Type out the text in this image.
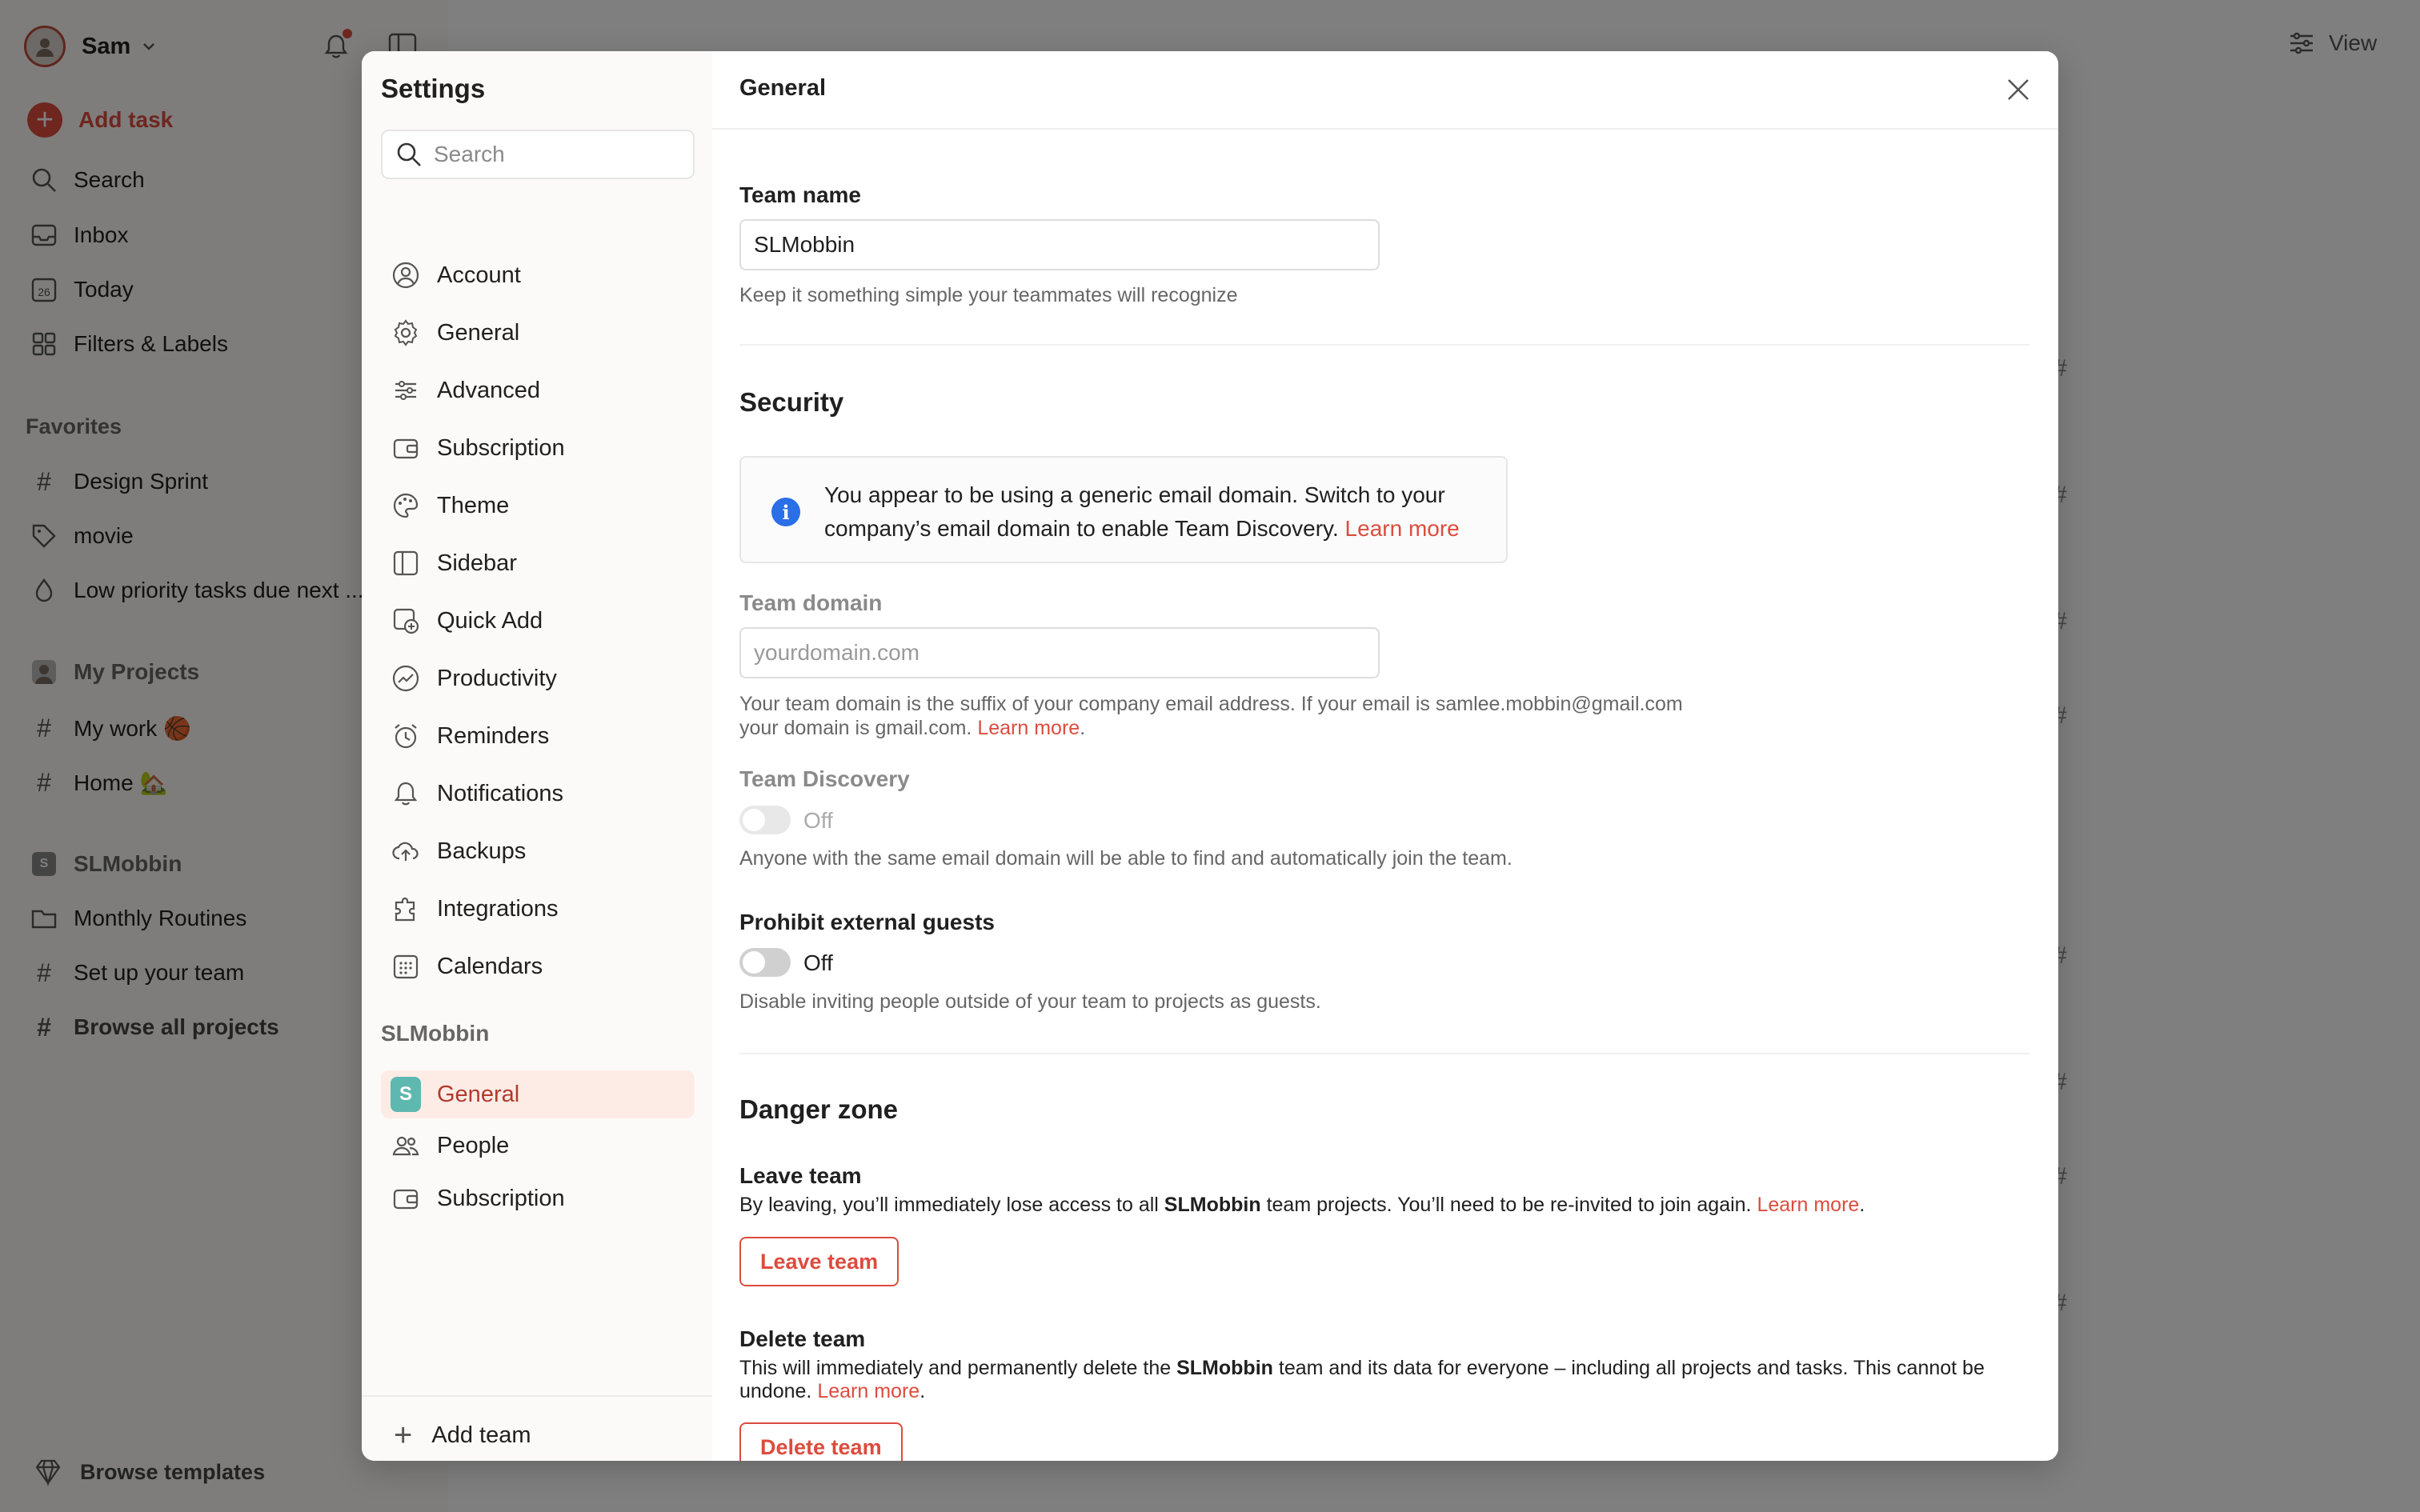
Settings
Search
Account
General
Advanced
Subscription
Theme
Sidebar
Quick Add
Productivity
Reminders
Notifications
Backups
Integrations
Calendars
SLMobbin
S	General
People
Subscription
+ Add team
General
Team name
SLMobbin
Keep it something simple your teammates will recognize
Security
i
You appear to be using a generic email domain. Switch to your company’s email domain to enable Team Discovery. Learn more
Team domain
yourdomain.com
Your team domain is the suffix of your company email address. If your email is samlee.mobbin@gmail.com
your domain is gmail.com. Learn more.
Team Discovery
Off
Anyone with the same email domain will be able to find and automatically join the team.
Prohibit external guests
Off
Disable inviting people outside of your team to projects as guests.
Danger zone
Leave team
By leaving, you’ll immediately lose access to all SLMobbin team projects. You’ll need to be re-invited to join again. Learn more.
Leave team
Delete team
This will immediately and permanently delete the SLMobbin team and its data for everyone – including all projects and tasks. This cannot be undone. Learn more.
Delete team
